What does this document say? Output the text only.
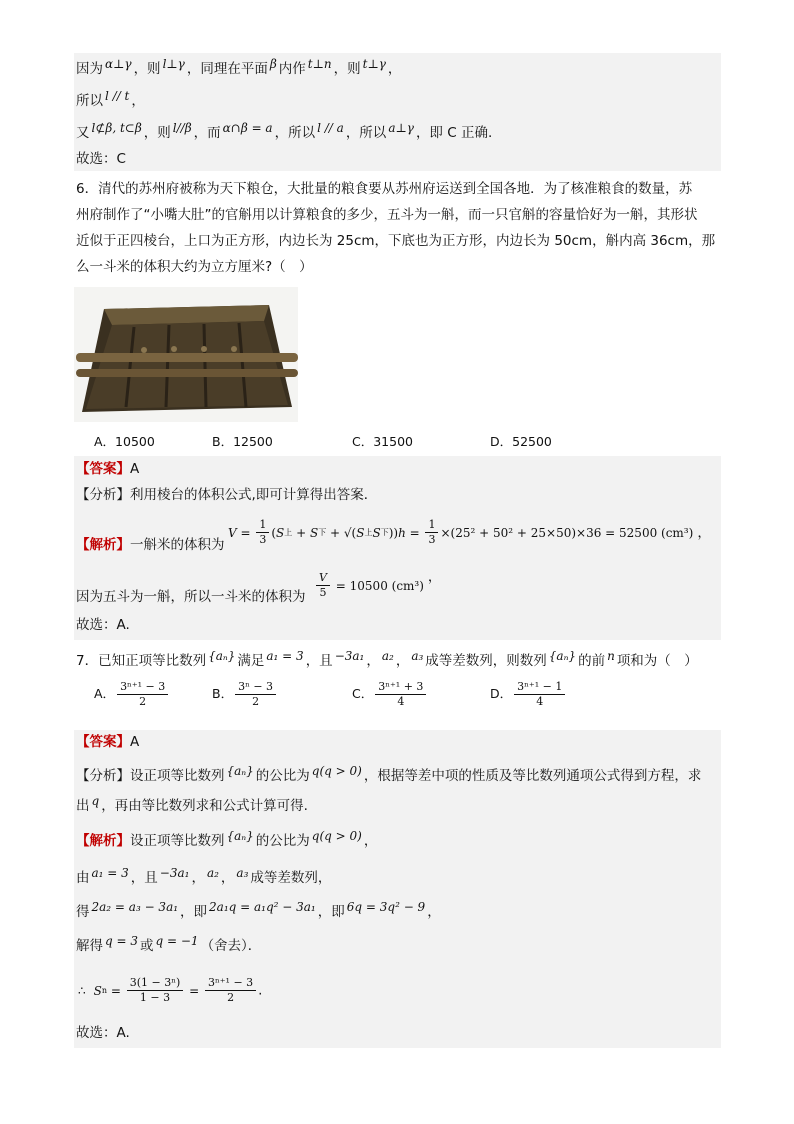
因为 α⊥γ ，则 l⊥γ ，同理在平面 β 内作 t⊥n ，则 t⊥γ ，
所以 l // t ，
又 l⊄β, t⊂β ，则 l//β ，而 α∩β = a ，所以 l // a ，所以 a⊥γ ，即 C 正确.
故选：C
6．清代的苏州府被称为天下粮仓，大批量的粮食要从苏州府运送到全国各地．为了核准粮食的数量，苏
州府制作了“小嘴大肚”的官斛用以计算粮食的多少，五斗为一斛，而一只官斛的容量恰好为一斛，其形状
近似于正四棱台，上口为正方形，内边长为 25cm，下底也为正方形，内边长为 50cm，斛内高 36cm，那
么一斗米的体积大约为立方厘米?（　）
A．10500	B．12500	C．31500	D．52500
【答案】A
【分析】利用棱台的体积公式,即可计算得出答案．
【解析】一斛米的体积为
$V = \frac{1}{3}$ ( S 上 + S 下 + √( S 上 S 下 )) $h = \frac{1}{3} \times(25^2 + 50^2 + 25\times 50)\times 36 = 52500$ (cm³) ，
因为五斗为一斛，所以一斗米的体积为 $\frac{V}{5}$
= 10500 (cm³)
，
故选：A.
7．已知正项等比数列 {aₙ} 满足 a₁ = 3 ，且 −3a₁ ， a₂ ， a₃ 成等差数列，则数列 {aₙ} 的前 n 项和为（　）
A． $\frac{\text{3ⁿ⁺¹ − 3}}{2}$	B． $\frac{\text{3ⁿ − 3}}{2}$	C． $\frac{\text{3ⁿ⁺¹ + 3}}{4}$	D． $\frac{\text{3ⁿ⁺¹ − 1}}{4}$
【答案】A
【分析】设正项等比数列 {aₙ} 的公比为 q(q > 0) ，根据等差中项的性质及等比数列通项公式得到方程，求
出 q ，再由等比数列求和公式计算可得.
【解析】设正项等比数列 {aₙ} 的公比为 q(q > 0) ，
由 a₁ = 3 ，且 −3a₁ ， a₂ ， a₃ 成等差数列，
得 2a₂ = a₃ − 3a₁ ，即 2a₁q = a₁q² − 3a₁ ，即 6q = 3q² − 9 ，
解得 q = 3 或 q = −1 （舍去）．
∴ S $n = \frac{\text{3(1 − 3ⁿ)}}{1 - 3} = \frac{\text{3ⁿ⁺¹ − 3}}{2}$ .
故选：A.
